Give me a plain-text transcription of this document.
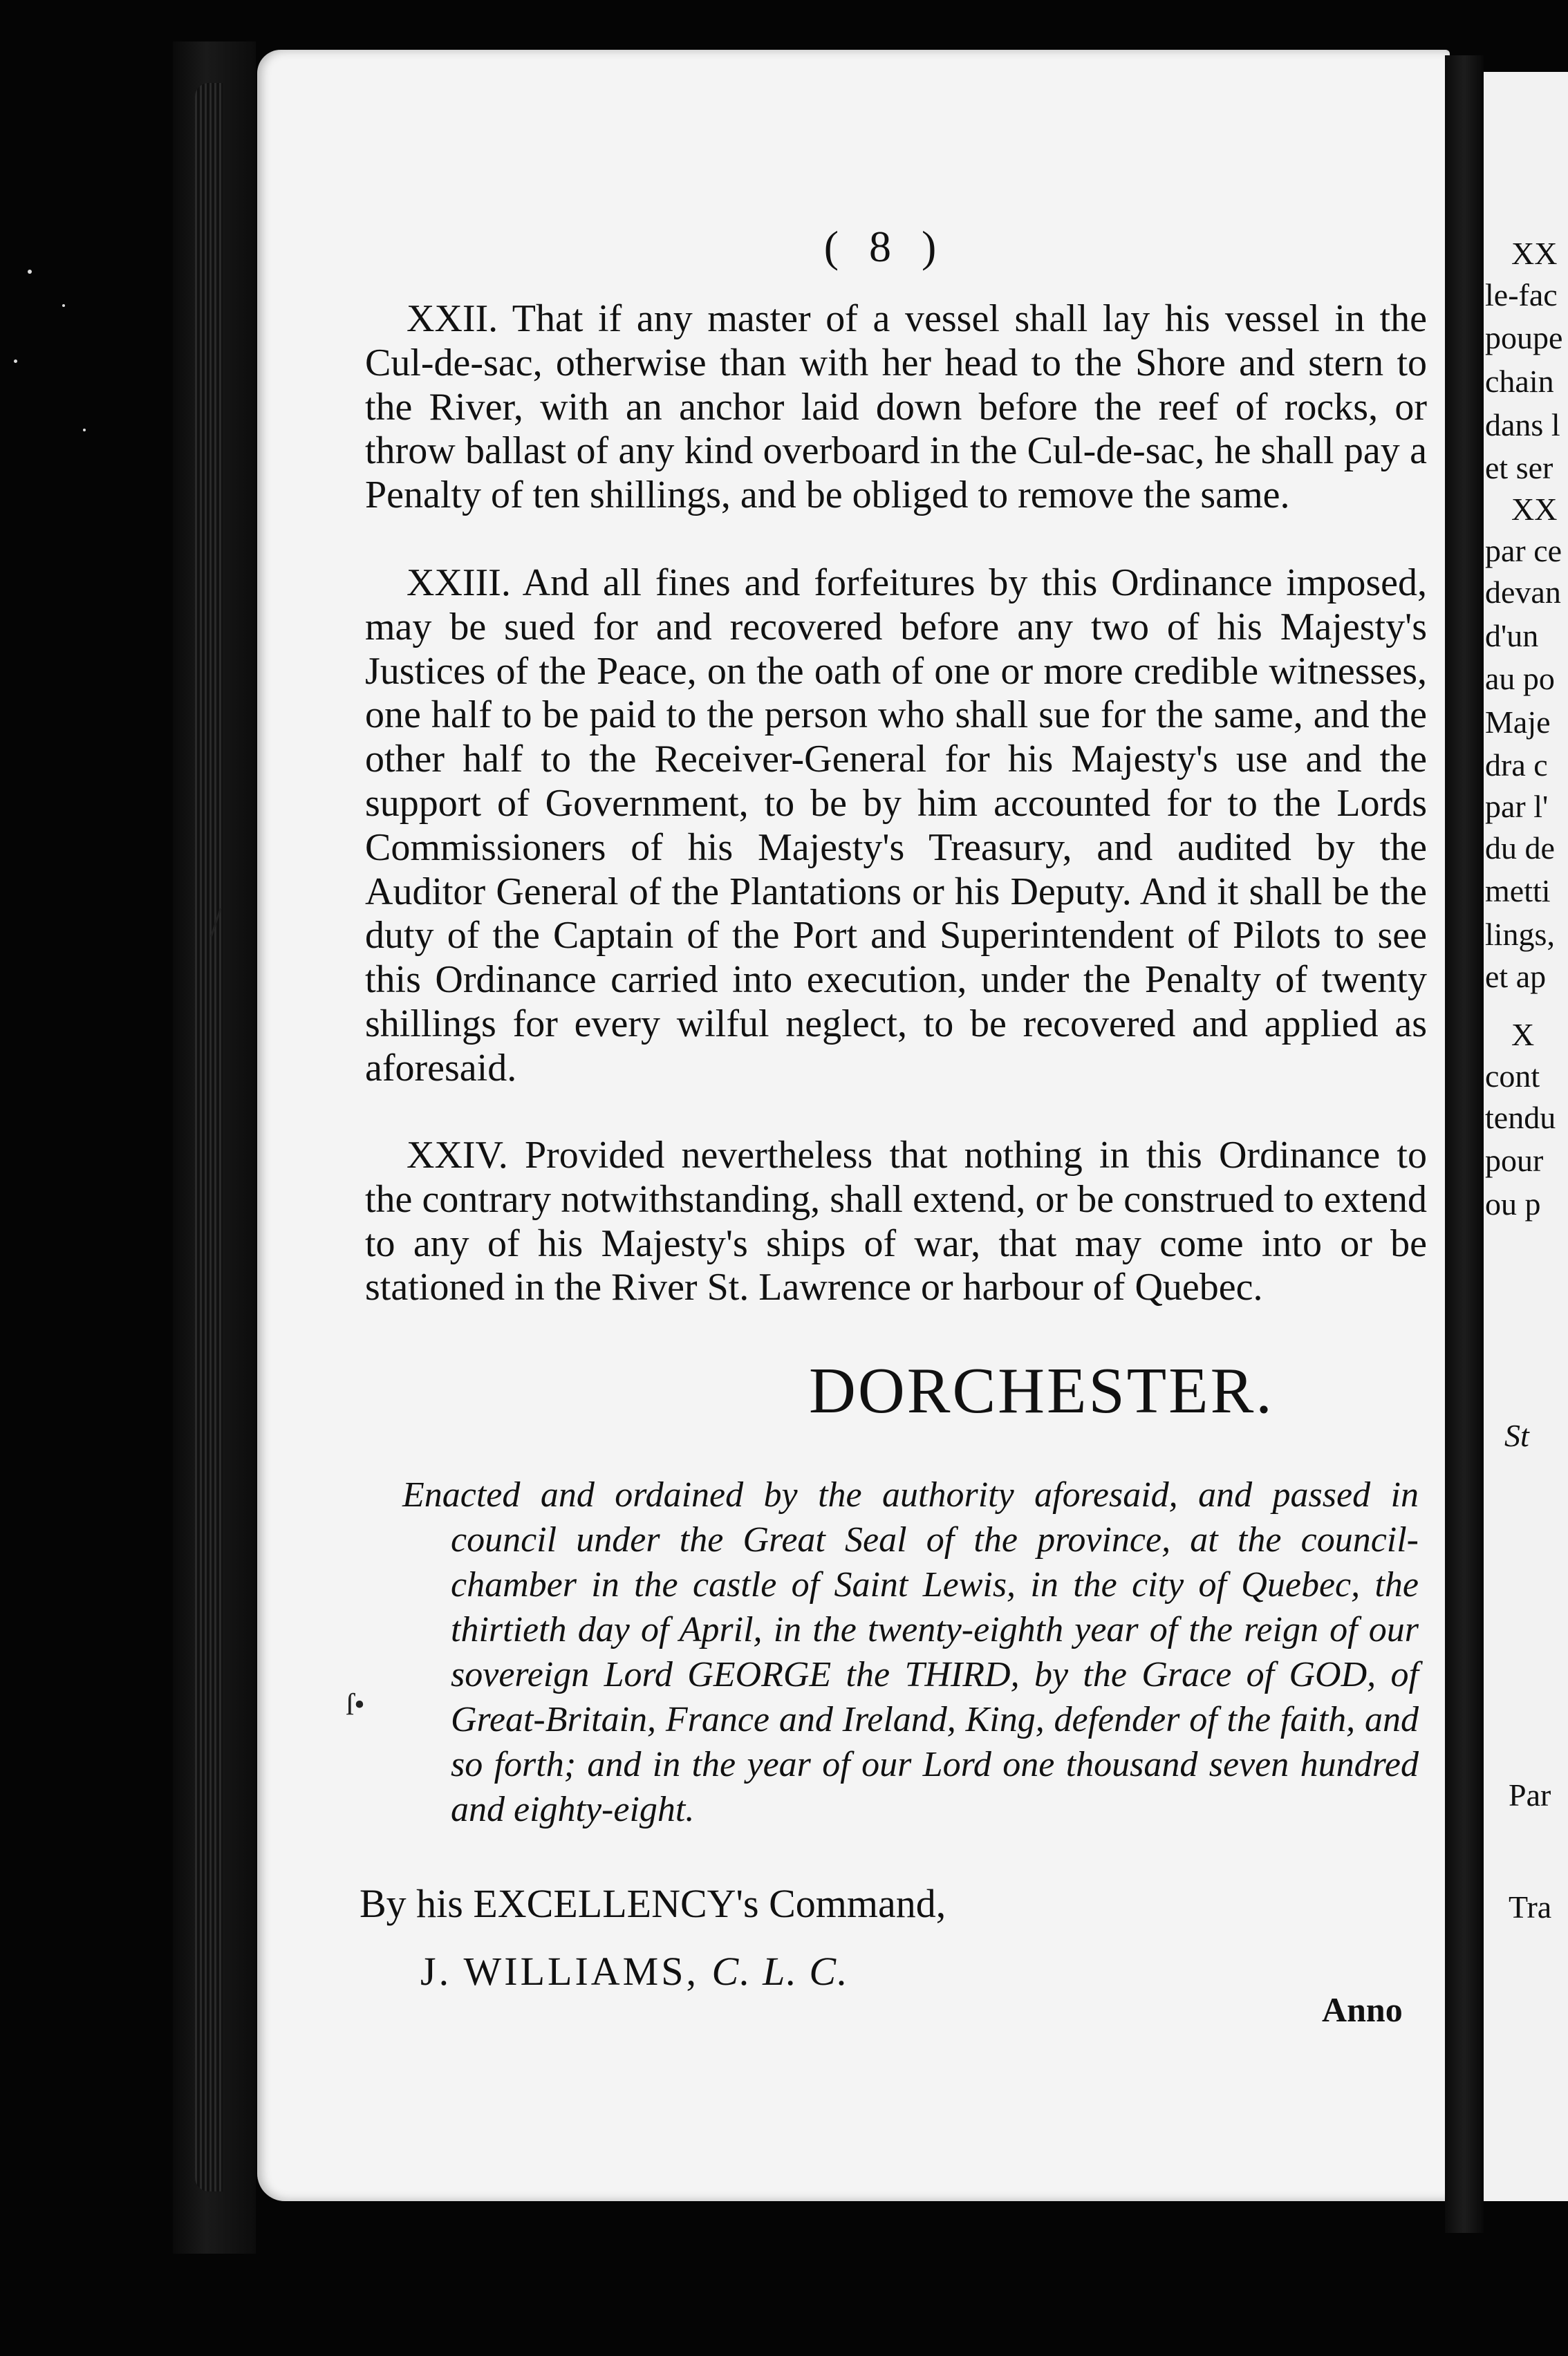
XX
le-fac
poupe
chain
dans l
et ser
XX
par ce
devan
d'un
au po
Maje
dra c
par l'
du de
metti
lings,
et ap
X
cont
tendu
pour
ou p
St
Par
Tra
( 8 )

XXII. That if any master of a vessel shall lay his vessel in the Cul-de-sac, otherwise than with her head to the Shore and stern to the River, with an anchor laid down before the reef of rocks, or throw ballast of any kind overboard in the Cul-de-sac, he shall pay a Penalty of ten shillings, and be obliged to remove the same.

XXIII. And all fines and forfeitures by this Ordinance imposed, may be sued for and recovered before any two of his Majesty's Justices of the Peace, on the oath of one or more credible witnesses, one half to be paid to the person who shall sue for the same, and the other half to the Receiver-General for his Majesty's use and the support of Government, to be by him accounted for to the Lords Commissioners of his Majesty's Treasury, and audited by the Auditor General of the Plantations or his Deputy. And it shall be the duty of the Captain of the Port and Superintendent of Pilots to see this Ordinance carried into execution, under the Penalty of twenty shillings for every wilful neglect, to be recovered and applied as aforesaid.

XXIV. Provided nevertheless that nothing in this Ordinance to the contrary notwithstanding, shall extend, or be construed to extend to any of his Majesty's ships of war, that may come into or be stationed in the River St. Lawrence or harbour of Quebec.

DORCHESTER.
Enacted and ordained by the authority aforesaid, and passed in council under the Great Seal of the province, at the council-chamber in the castle of Saint Lewis, in the city of Quebec, the thirtieth day of April, in the twenty-eighth year of the reign of our sovereign Lord GEORGE the THIRD, by the Grace of GOD, of Great-Britain, France and Ireland, King, defender of the faith, and so forth; and in the year of our Lord one thousand seven hundred and eighty-eight.
By his EXCELLENCY's Command,
J. WILLIAMS, C. L. C.
Anno
/
ſ•
